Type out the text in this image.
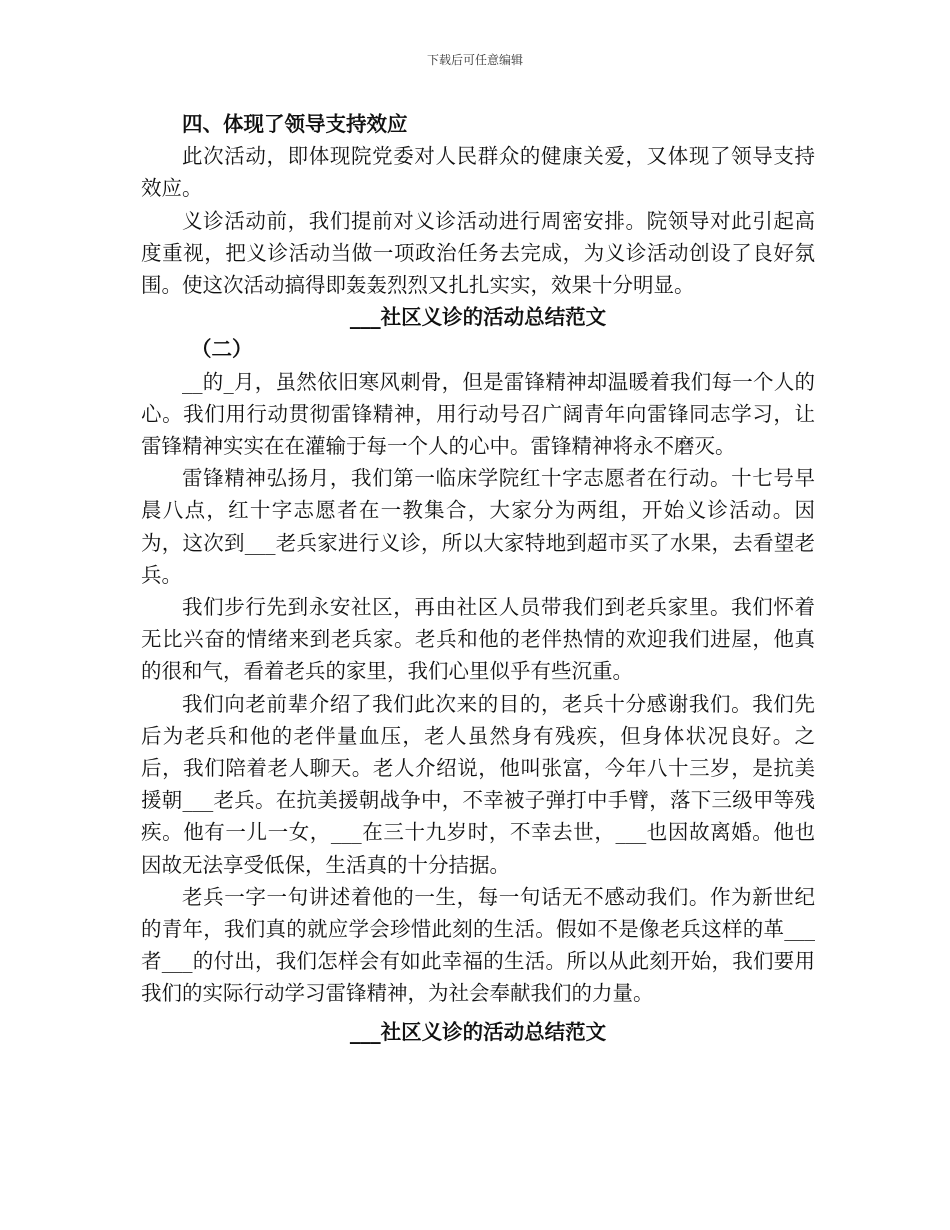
下载后可任意编辑

四、体现了领导支持效应

此次活动，即体现院党委对人民群众的健康关爱，又体现了领导支持效应。

义诊活动前，我们提前对义诊活动进行周密安排。院领导对此引起高度重视，把义诊活动当做一项政治任务去完成，为义诊活动创设了良好氛围。使这次活动搞得即轰轰烈烈又扎扎实实，效果十分明显。

___社区义诊的活动总结范文

（二）

__的_月，虽然依旧寒风刺骨，但是雷锋精神却温暖着我们每一个人的心。我们用行动贯彻雷锋精神，用行动号召广阔青年向雷锋同志学习，让雷锋精神实实在在灌输于每一个人的心中。雷锋精神将永不磨灭。

雷锋精神弘扬月，我们第一临床学院红十字志愿者在行动。十七号早晨八点，红十字志愿者在一教集合，大家分为两组，开始义诊活动。因为，这次到___老兵家进行义诊，所以大家特地到超市买了水果，去看望老兵。

我们步行先到永安社区，再由社区人员带我们到老兵家里。我们怀着无比兴奋的情绪来到老兵家。老兵和他的老伴热情的欢迎我们进屋，他真的很和气，看着老兵的家里，我们心里似乎有些沉重。

我们向老前辈介绍了我们此次来的目的，老兵十分感谢我们。我们先后为老兵和他的老伴量血压，老人虽然身有残疾，但身体状况良好。之后，我们陪着老人聊天。老人介绍说，他叫张富，今年八十三岁，是抗美援朝___老兵。在抗美援朝战争中，不幸被子弹打中手臂，落下三级甲等残疾。他有一儿一女，___在三十九岁时，不幸去世，___也因故离婚。他也因故无法享受低保，生活真的十分拮据。

老兵一字一句讲述着他的一生，每一句话无不感动我们。作为新世纪的青年，我们真的就应学会珍惜此刻的生活。假如不是像老兵这样的革___者___的付出，我们怎样会有如此幸福的生活。所以从此刻开始，我们要用我们的实际行动学习雷锋精神，为社会奉献我们的力量。

___社区义诊的活动总结范文
